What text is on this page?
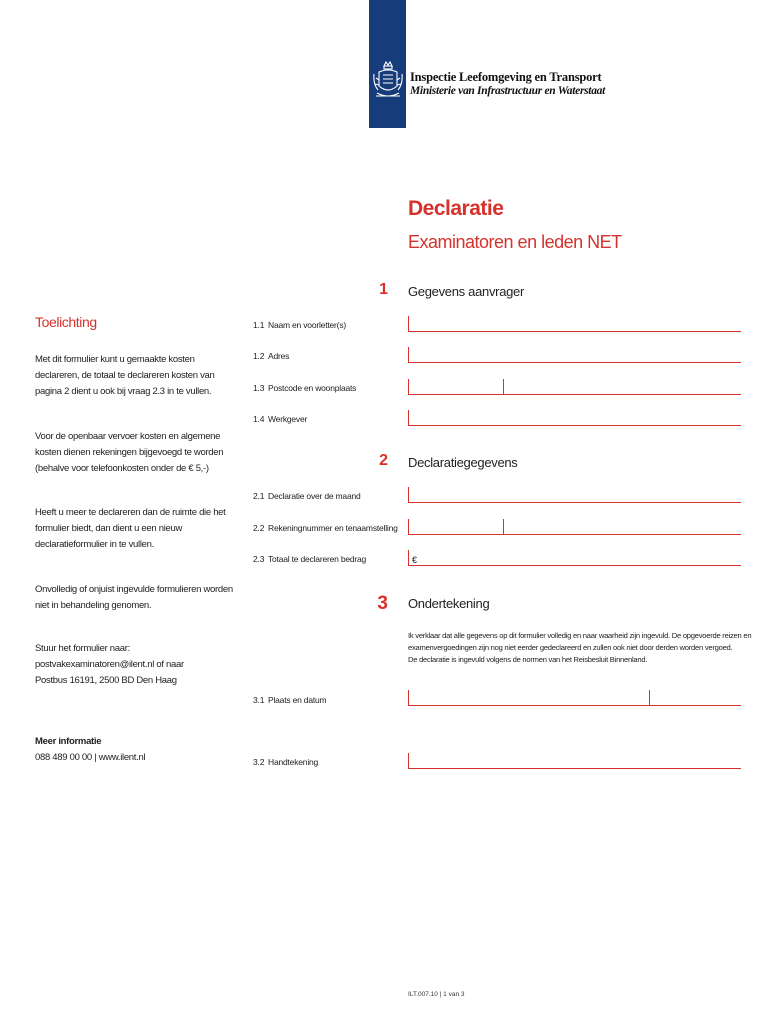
Inspectie Leefomgeving en Transport
Ministerie van Infrastructuur en Waterstaat
Declaratie
Examinatoren en leden NET
1 Gegevens aanvrager
1.1 Naam en voorletter(s)
1.2 Adres
1.3 Postcode en woonplaats
1.4 Werkgever
2 Declaratiegegevens
2.1 Declaratie over de maand
2.2 Rekeningnummer en tenaamstelling
2.3 Totaal te declareren bedrag	€
3 Ondertekening
Ik verklaar dat alle gegevens op dit formulier volledig en naar waarheid zijn ingevuld. De opgevoerde reizen en
examenvergoedingen zijn nog niet eerder gedeclareerd en zullen ook niet door derden worden vergoed.
De declaratie is ingevuld volgens de normen van het Reisbesluit Binnenland.
3.1 Plaats en datum
3.2 Handtekening
Toelichting
Met dit formulier kunt u gemaakte kosten
declareren, de totaal te declareren kosten van
pagina 2 dient u ook bij vraag 2.3 in te vullen.
Voor de openbaar vervoer kosten en algemene
kosten dienen rekeningen bijgevoegd te worden
(behalve voor telefoonkosten onder de € 5,-)
Heeft u meer te declareren dan de ruimte die het
formulier biedt, dan dient u een nieuw
declaratieformulier in te vullen.
Onvolledig of onjuist ingevulde formulieren worden
niet in behandeling genomen.
Stuur het formulier naar:
postvakexaminatoren@ilent.nl of naar
Postbus 16191, 2500 BD Den Haag
Meer informatie
088 489 00 00 | www.ilent.nl
ILT.007.10 | 1 van 3
